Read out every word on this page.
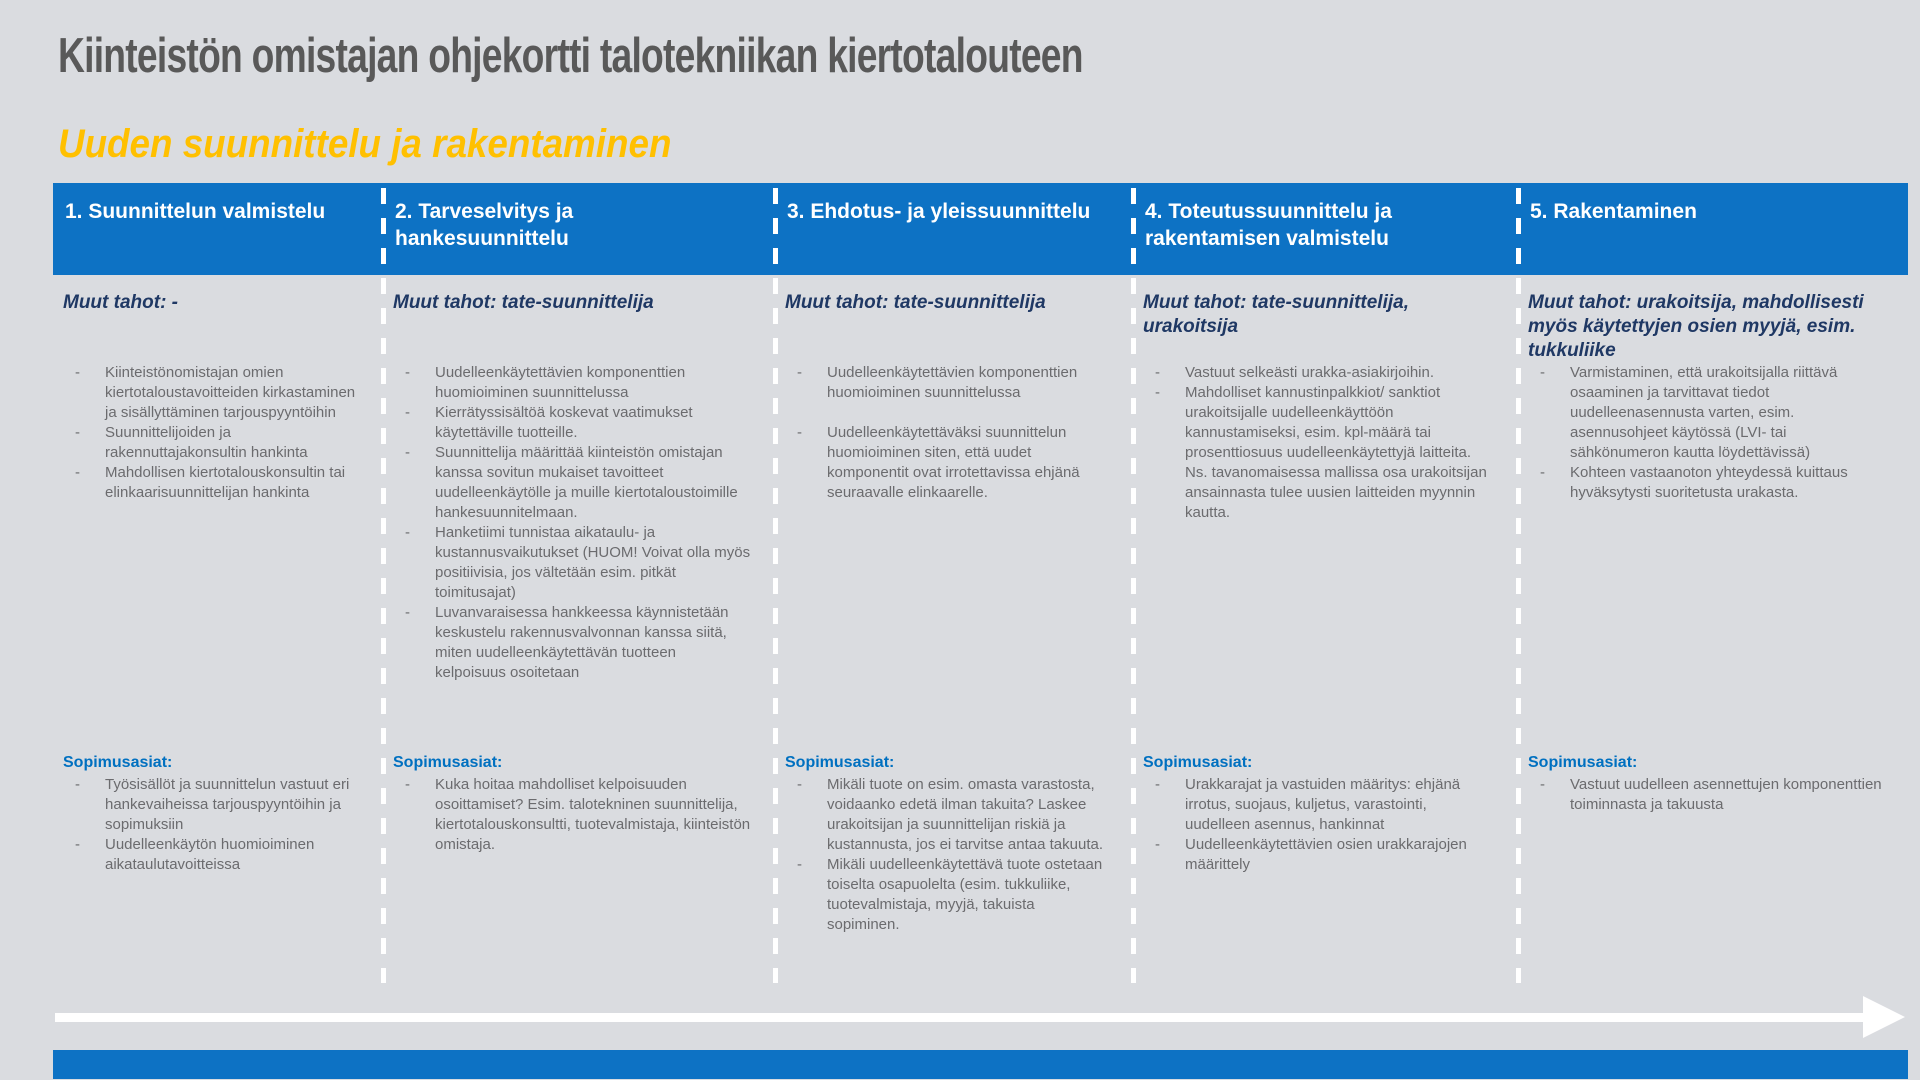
Kiinteistön omistajan ohjekortti talotekniikan kiertotalouteen
Uuden suunnittelu ja rakentaminen
1. Suunnittelun valmistelu	2. Tarveselvitys ja hankesuunnittelu
3. Ehdotus- ja yleissuunnittelu	4. Toteutussuunnittelu ja rakentamisen valmistelu
5. Rakentaminen
Muut tahot: -
- Kiinteistönomistajan omien kiertotaloustavoitteiden kirkastaminen ja sisällyttäminen tarjouspyyntöihin
- Suunnittelijoiden ja rakennuttajakonsultin hankinta
- Mahdollisen kiertotalouskonsultin tai elinkaarisuunnittelijan hankinta
Sopimusasiat:
- Työsisällöt ja suunnittelun vastuut eri hankevaiheissa tarjouspyyntöihin ja sopimuksiin
- Uudelleenkäytön huomioiminen aikataulutavoitteissa
Muut tahot: tate-suunnittelija
- Uudelleenkäytettävien komponenttien huomioiminen suunnittelussa
- Kierrätyssisältöä koskevat vaatimukset käytettäville tuotteille.
- Suunnittelija määrittää kiinteistön omistajan kanssa sovitun mukaiset tavoitteet uudelleenkäytölle ja muille kiertotaloustoimille hankesuunnitelmaan.
- Hanketiimi tunnistaa aikataulu- ja kustannusvaikutukset (HUOM! Voivat olla myös positiivisia, jos vältetään esim. pitkät toimitusajat)
- Luvanvaraisessa hankkeessa käynnistetään keskustelu rakennusvalvonnan kanssa siitä, miten uudelleenkäytettävän tuotteen kelpoisuus osoitetaan
Sopimusasiat:
- Kuka hoitaa mahdolliset kelpoisuuden osoittamiset? Esim. talotekninen suunnittelija, kiertotalouskonsultti, tuotevalmistaja, kiinteistön omistaja.
Muut tahot: tate-suunnittelija
- Uudelleenkäytettävien komponenttien huomioiminen suunnittelussa
- Uudelleenkäytettäväksi suunnittelun huomioiminen siten, että uudet komponentit ovat irrotettavissa ehjänä seuraavalle elinkaarelle.
Sopimusasiat:
- Mikäli tuote on esim. omasta varastosta, voidaanko edetä ilman takuita? Laskee urakoitsijan ja suunnittelijan riskiä ja kustannusta, jos ei tarvitse antaa takuuta.
- Mikäli uudelleenkäytettävä tuote ostetaan toiselta osapuolelta (esim. tukkuliike, tuotevalmistaja, myyjä, takuista sopiminen.
Muut tahot: tate-suunnittelija, urakoitsija
- Vastuut selkeästi urakka-asiakirjoihin.
- Mahdolliset kannustinpalkkiot/ sanktiot urakoitsijalle uudelleenkäyttöön kannustamiseksi, esim. kpl-määrä tai prosenttiosuus uudelleenkäytettyjä laitteita. Ns. tavanomaisessa mallissa osa urakoitsijan ansainnasta tulee uusien laitteiden myynnin kautta.
Sopimusasiat:
- Urakkarajat ja vastuiden määritys: ehjänä irrotus, suojaus, kuljetus, varastointi, uudelleen asennus, hankinnat
- Uudelleenkäytettävien osien urakkarajojen määrittely
Muut tahot: urakoitsija, mahdollisesti myös käytettyjen osien myyjä, esim. tukkuliike
- Varmistaminen, että urakoitsijalla riittävä osaaminen ja tarvittavat tiedot uudelleenasennusta varten, esim. asennusohjeet käytössä (LVI- tai sähkönumeron kautta löydettävissä)
- Kohteen vastaanoton yhteydessä kuittaus hyväksytysti suoritetusta urakasta.
Sopimusasiat:
- Vastuut uudelleen asennettujen komponenttien toiminnasta ja takuusta
